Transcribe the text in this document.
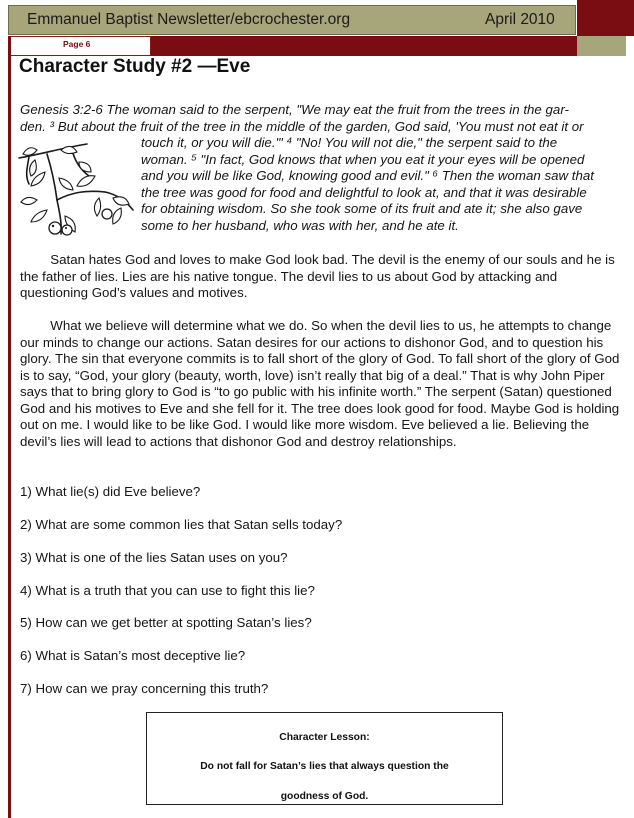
Emmanuel Baptist Newsletter/ebcrochester.org	April 2010
Page 6
Character Study #2 —Eve
Genesis 3:2-6 The woman said to the serpent, "We may eat the fruit from the trees in the gar-
den. ³ But about the fruit of the tree in the middle of the garden, God said, 'You must not eat it or
touch it, or you will die.'" ⁴ "No! You will not die," the serpent said to the
woman. ⁵ "In fact, God knows that when you eat it your eyes will be opened
and you will be like God, knowing good and evil." ⁶ Then the woman saw that
the tree was good for food and delightful to look at, and that it was desirable
for obtaining wisdom. So she took some of its fruit and ate it; she also gave
some to her husband, who was with her, and he ate it.

   Satan hates God and loves to make God look bad. The devil is the enemy of our souls and he is the father of lies. Lies are his native tongue. The devil lies to us about God by attacking and questioning God’s values and motives.

   What we believe will determine what we do. So when the devil lies to us, he attempts to change our minds to change our actions. Satan desires for our actions to dishonor God, and to question his glory. The sin that everyone commits is to fall short of the glory of God. To fall short of the glory of God is to say, “God, your glory (beauty, worth, love) isn’t really that big of a deal.” That is why John Piper says that to bring glory to God is “to go public with his infinite worth.” The serpent (Satan) questioned God and his motives to Eve and she fell for it. The tree does look good for food. Maybe God is holding out on me. I would like to be like God. I would like more wisdom. Eve believed a lie. Believing the devil’s lies will lead to actions that dishonor God and destroy relationships.

1) What lie(s) did Eve believe?

2) What are some common lies that Satan sells today?

3) What is one of the lies Satan uses on you?

4) What is a truth that you can use to fight this lie?

5) How can we get better at spotting Satan’s lies?

6) What is Satan’s most deceptive lie?

7) How can we pray concerning this truth?

Character Lesson:
Do not fall for Satan’s lies that always question the
goodness of God.
